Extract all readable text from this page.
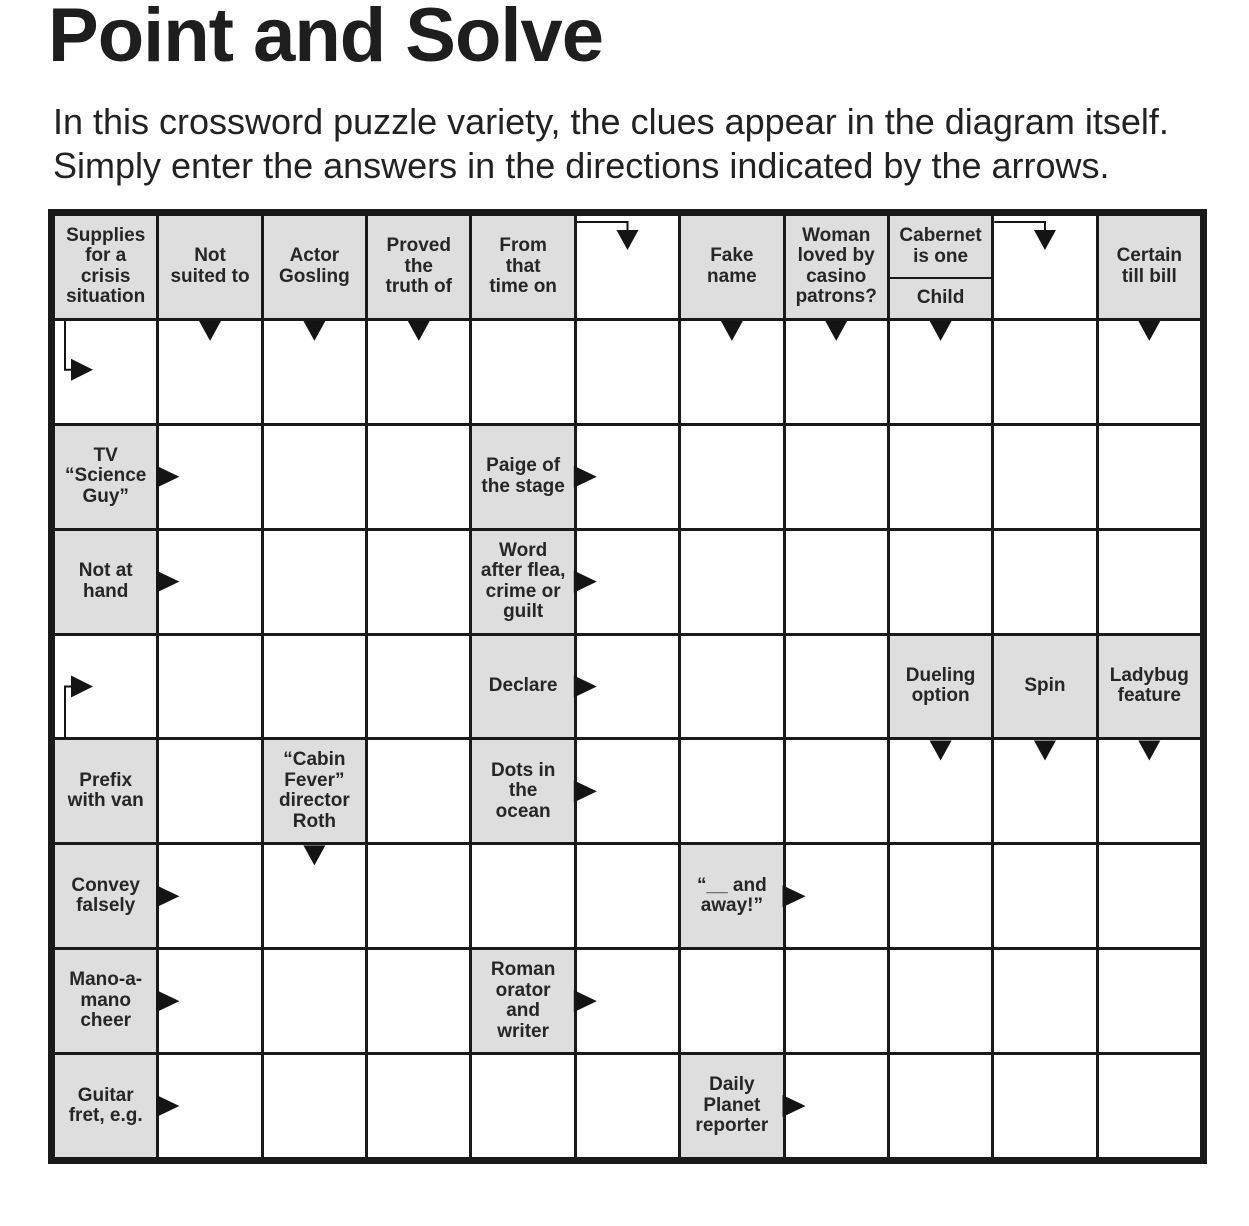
Point and Solve

In this crossword puzzle variety, the clues appear in the diagram itself.
Simply enter the answers in the directions indicated by the arrows.

Supplies
for a
crisis
situation
Not
suited to
Actor
Gosling
Proved
the
truth of
From
that
time on
Fake
name
Woman
loved by
casino
patrons?
Cabernet
is one
Child
Certain
till bill
TV
“Science
Guy”
Paige of
the stage
Not at
hand
Word
after flea,
crime or
guilt
Declare	Dueling
option	Spin Ladybug
feature
Prefix
with van
“Cabin
Fever”
director
Roth
Dots in
the
ocean
Convey
falsely
“__ and
away!”
Mano-a-
mano
cheer
Roman
orator
and
writer
Guitar
fret, e.g.
Daily
Planet
reporter
